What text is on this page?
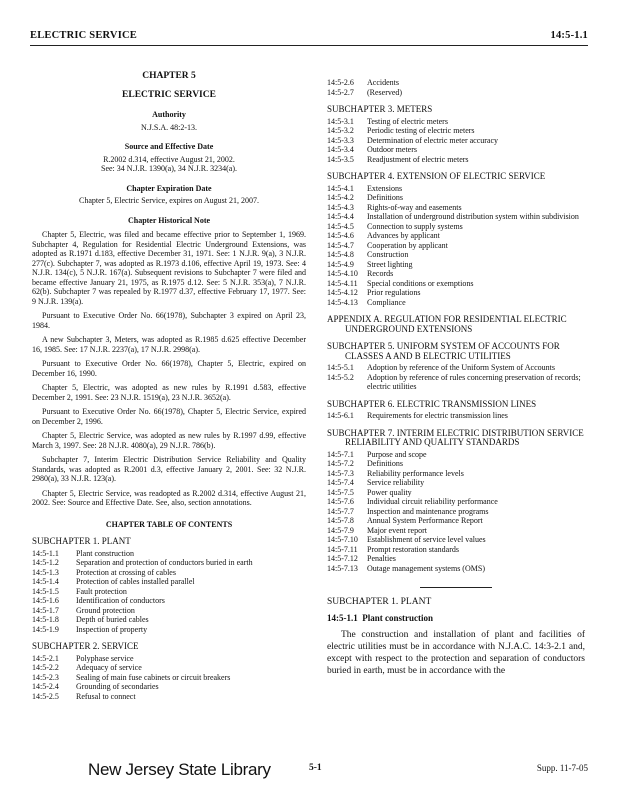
ELECTRIC SERVICE	14:5-1.1
CHAPTER 5
ELECTRIC SERVICE
Authority
N.J.S.A. 48:2-13.
Source and Effective Date
R.2002 d.314, effective August 21, 2002.
See: 34 N.J.R. 1390(a), 34 N.J.R. 3234(a).
Chapter Expiration Date
Chapter 5, Electric Service, expires on August 21, 2007.
Chapter Historical Note
Chapter 5, Electric, was filed and became effective prior to September 1, 1969. Subchapter 4, Regulation for Residential Electric Underground Extensions, was adopted as R.1971 d.183, effective December 31, 1971. See: 1 N.J.R. 9(a), 3 N.J.R. 277(c). Subchapter 7, was adopted as R.1973 d.106, effective April 19, 1973. See: 4 N.J.R. 134(c), 5 N.J.R. 167(a). Subsequent revisions to Subchapter 7 were filed and became effective January 21, 1975, as R.1975 d.12. See: 5 N.J.R. 353(a), 7 N.J.R. 62(b). Subchapter 7 was repealed by R.1977 d.37, effective February 17, 1977. See: 9 N.J.R. 139(a).
Pursuant to Executive Order No. 66(1978), Subchapter 3 expired on April 23, 1984.
A new Subchapter 3, Meters, was adopted as R.1985 d.625 effective December 16, 1985. See: 17 N.J.R. 2237(a), 17 N.J.R. 2998(a).
Pursuant to Executive Order No. 66(1978), Chapter 5, Electric, expired on December 16, 1990.
Chapter 5, Electric, was adopted as new rules by R.1991 d.583, effective December 2, 1991. See: 23 N.J.R. 1519(a), 23 N.J.R. 3652(a).
Pursuant to Executive Order No. 66(1978), Chapter 5, Electric Service, expired on December 2, 1996.
Chapter 5, Electric Service, was adopted as new rules by R.1997 d.99, effective March 3, 1997. See: 28 N.J.R. 4080(a), 29 N.J.R. 786(b).
Subchapter 7, Interim Electric Distribution Service Reliability and Quality Standards, was adopted as R.2001 d.3, effective January 2, 2001. See: 32 N.J.R. 2980(a), 33 N.J.R. 123(a).
Chapter 5, Electric Service, was readopted as R.2002 d.314, effective August 21, 2002. See: Source and Effective Date. See, also, section annotations.
CHAPTER TABLE OF CONTENTS
SUBCHAPTER 1. PLANT
14:5-1.1	Plant construction
14:5-1.2	Separation and protection of conductors buried in earth
14:5-1.3	Protection at crossing of cables
14:5-1.4	Protection of cables installed parallel
14:5-1.5	Fault protection
14:5-1.6	Identification of conductors
14:5-1.7	Ground protection
14:5-1.8	Depth of buried cables
14:5-1.9	Inspection of property
SUBCHAPTER 2. SERVICE
14:5-2.1	Polyphase service
14:5-2.2	Adequacy of service
14:5-2.3	Sealing of main fuse cabinets or circuit breakers
14:5-2.4	Grounding of secondaries
14:5-2.5	Refusal to connect
14:5-2.6	Accidents
14:5-2.7	(Reserved)
SUBCHAPTER 3. METERS
14:5-3.1	Testing of electric meters
14:5-3.2	Periodic testing of electric meters
14:5-3.3	Determination of electric meter accuracy
14:5-3.4	Outdoor meters
14:5-3.5	Readjustment of electric meters
SUBCHAPTER 4. EXTENSION OF ELECTRIC SERVICE
14:5-4.1	Extensions
14:5-4.2	Definitions
14:5-4.3	Rights-of-way and easements
14:5-4.4	Installation of underground distribution system within subdivision
14:5-4.5	Connection to supply systems
14:5-4.6	Advances by applicant
14:5-4.7	Cooperation by applicant
14:5-4.8	Construction
14:5-4.9	Street lighting
14:5-4.10	Records
14:5-4.11	Special conditions or exemptions
14:5-4.12	Prior regulations
14:5-4.13	Compliance
APPENDIX A. REGULATION FOR RESIDENTIAL ELECTRIC UNDERGROUND EXTENSIONS
SUBCHAPTER 5. UNIFORM SYSTEM OF ACCOUNTS FOR CLASSES A AND B ELECTRIC UTILITIES
14:5-5.1	Adoption by reference of the Uniform System of Accounts
14:5-5.2	Adoption by reference of rules concerning preservation of records; electric utilities
SUBCHAPTER 6. ELECTRIC TRANSMISSION LINES
14:5-6.1	Requirements for electric transmission lines
SUBCHAPTER 7. INTERIM ELECTRIC DISTRIBUTION SERVICE RELIABILITY AND QUALITY STANDARDS
14:5-7.1	Purpose and scope
14:5-7.2	Definitions
14:5-7.3	Reliability performance levels
14:5-7.4	Service reliability
14:5-7.5	Power quality
14:5-7.6	Individual circuit reliability performance
14:5-7.7	Inspection and maintenance programs
14:5-7.8	Annual System Performance Report
14:5-7.9	Major event report
14:5-7.10	Establishment of service level values
14:5-7.11	Prompt restoration standards
14:5-7.12	Penalties
14:5-7.13	Outage management systems (OMS)
SUBCHAPTER 1. PLANT
14:5-1.1 Plant construction
The construction and installation of plant and facilities of electric utilities must be in accordance with N.J.A.C. 14:3-2.1 and, except with respect to the protection and separation of conductors buried in earth, must be in accordance with the
New Jersey State Library	5-1	Supp. 11-7-05
